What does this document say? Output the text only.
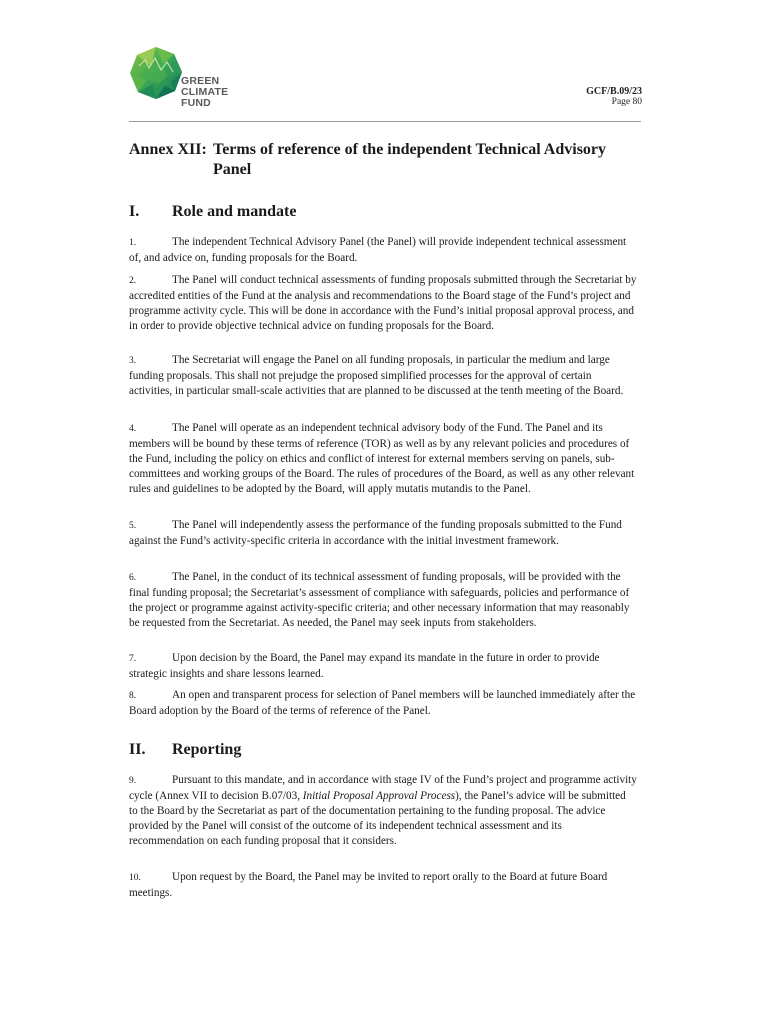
GREEN
CLIMATE
FUND
GCF/B.09/23
Page 80
Annex XII: Terms of reference of the independent Technical Advisory
Panel
I. Role and mandate
1.	The independent Technical Advisory Panel (the Panel) will provide independent technical assessment of, and advice on, funding proposals for the Board.
2.	The Panel will conduct technical assessments of funding proposals submitted through the Secretariat by accredited entities of the Fund at the analysis and recommendations to the Board stage of the Fund’s project and programme activity cycle. This will be done in accordance with the Fund’s initial proposal approval process, and in order to provide objective technical advice on funding proposals for the Board.
3.	The Secretariat will engage the Panel on all funding proposals, in particular the medium and large funding proposals. This shall not prejudge the proposed simplified processes for the approval of certain activities, in particular small-scale activities that are planned to be discussed at the tenth meeting of the Board.
4.	The Panel will operate as an independent technical advisory body of the Fund. The Panel and its members will be bound by these terms of reference (TOR) as well as by any relevant policies and procedures of the Fund, including the policy on ethics and conflict of interest for external members serving on panels, sub-committees and working groups of the Board. The rules of procedures of the Board, as well as any other relevant rules and guidelines to be adopted by the Board, will apply mutatis mutandis to the Panel.
5.	The Panel will independently assess the performance of the funding proposals submitted to the Fund against the Fund’s activity-specific criteria in accordance with the initial investment framework.
6.	The Panel, in the conduct of its technical assessment of funding proposals, will be provided with the final funding proposal; the Secretariat’s assessment of compliance with safeguards, policies and performance of the project or programme against activity-specific criteria; and other necessary information that may reasonably be requested from the Secretariat. As needed, the Panel may seek inputs from stakeholders.
7.	Upon decision by the Board, the Panel may expand its mandate in the future in order to provide strategic insights and share lessons learned.
8.	An open and transparent process for selection of Panel members will be launched immediately after the Board adoption by the Board of the terms of reference of the Panel.
II. Reporting
9.	Pursuant to this mandate, and in accordance with stage IV of the Fund’s project and programme activity cycle (Annex VII to decision B.07/03, Initial Proposal Approval Process), the Panel’s advice will be submitted to the Board by the Secretariat as part of the documentation pertaining to the funding proposal. The advice provided by the Panel will consist of the outcome of its independent technical assessment and its recommendation on each funding proposal that it considers.
10.	Upon request by the Board, the Panel may be invited to report orally to the Board at future Board meetings.
